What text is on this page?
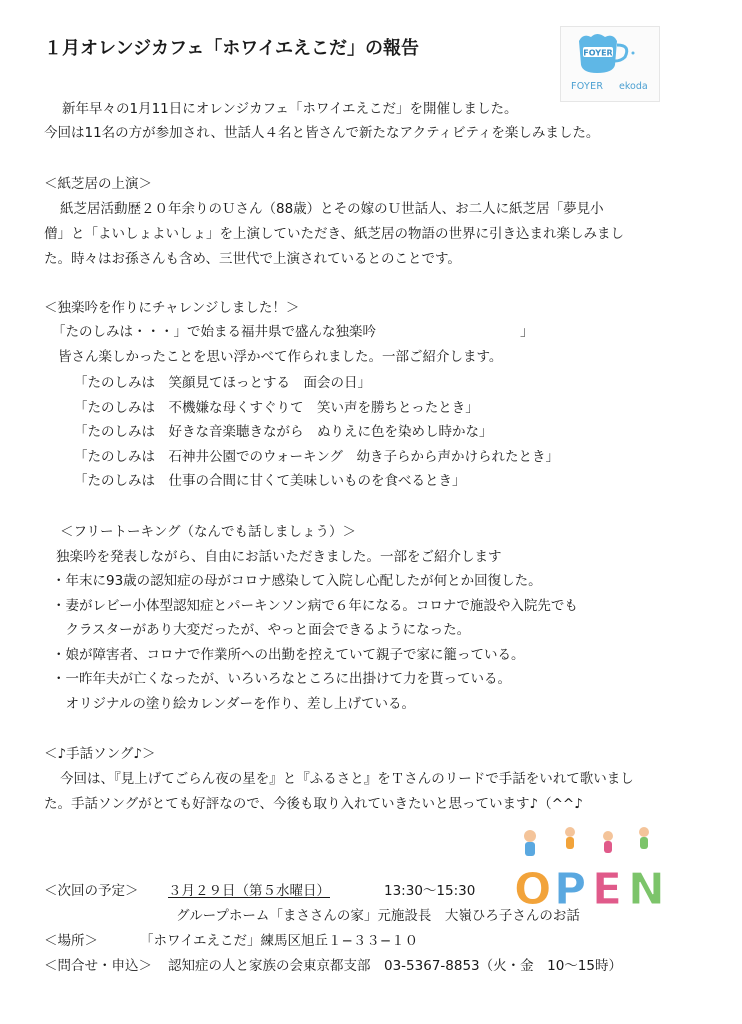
１月オレンジカフェ「ホワイエえこだ」の報告	FOYER
FOYER ekoda
新年早々の1月11日にオレンジカフェ「ホワイエえこだ」を開催しました。
今回は11名の方が参加され、世話人４名と皆さんで新たなアクティビティを楽しみました。
＜紙芝居の上演＞
紙芝居活動歴２０年余りのＵさん（88歳）とその嫁のＵ世話人、お二人に紙芝居「夢見小
僧」と「よいしょよいしょ」を上演していただき、紙芝居の物語の世界に引き込まれ楽しみまし
た。時々はお孫さんも含め、三世代で上演されているとのことです。
＜独楽吟を作りにチャレンジしました！＞
「たのしみは・・・」で始まる福井県で盛んな独楽吟	」
皆さん楽しかったことを思い浮かべて作られました。一部ご紹介します。
「たのしみは　笑顔見てほっとする　面会の日」
「たのしみは　不機嫌な母くすぐりて　笑い声を勝ちとったとき」
「たのしみは　好きな音楽聴きながら　ぬりえに色を染めし時かな」
「たのしみは　石神井公園でのウォーキング　幼き子らから声かけられたとき」
「たのしみは　仕事の合間に甘くて美味しいものを食べるとき」
＜フリートーキング（なんでも話しましょう）＞
独楽吟を発表しながら、自由にお話いただきました。一部をご紹介します
・年末に93歳の認知症の母がコロナ感染して入院し心配したが何とか回復した。
・妻がレビー小体型認知症とパーキンソン病で６年になる。コロナで施設や入院先でも
　クラスターがあり大変だったが、やっと面会できるようになった。
・娘が障害者、コロナで作業所への出勤を控えていて親子で家に籠っている。
・一昨年夫が亡くなったが、いろいろなところに出掛けて力を貰っている。
　オリジナルの塗り絵カレンダーを作り、差し上げている。
＜♪手話ソング♪＞
今回は、『見上げてごらん夜の星を』と『ふるさと』をＴさんのリードで手話をいれて歌いまし
た。手話ソングがとても好評なので、今後も取り入れていきたいと思っています♪（^^♪
O P E N
＜次回の予定＞ ３月２９日（第５水曜日）	13:30～15:30
グループホーム「まささんの家」元施設長　大嶺ひろ子さんのお話
＜場所＞	「ホワイエえこだ」練馬区旭丘１−３３−１０
＜問合せ・申込＞ 認知症の人と家族の会東京都支部　03-5367-8853（火・金　10～15時）
